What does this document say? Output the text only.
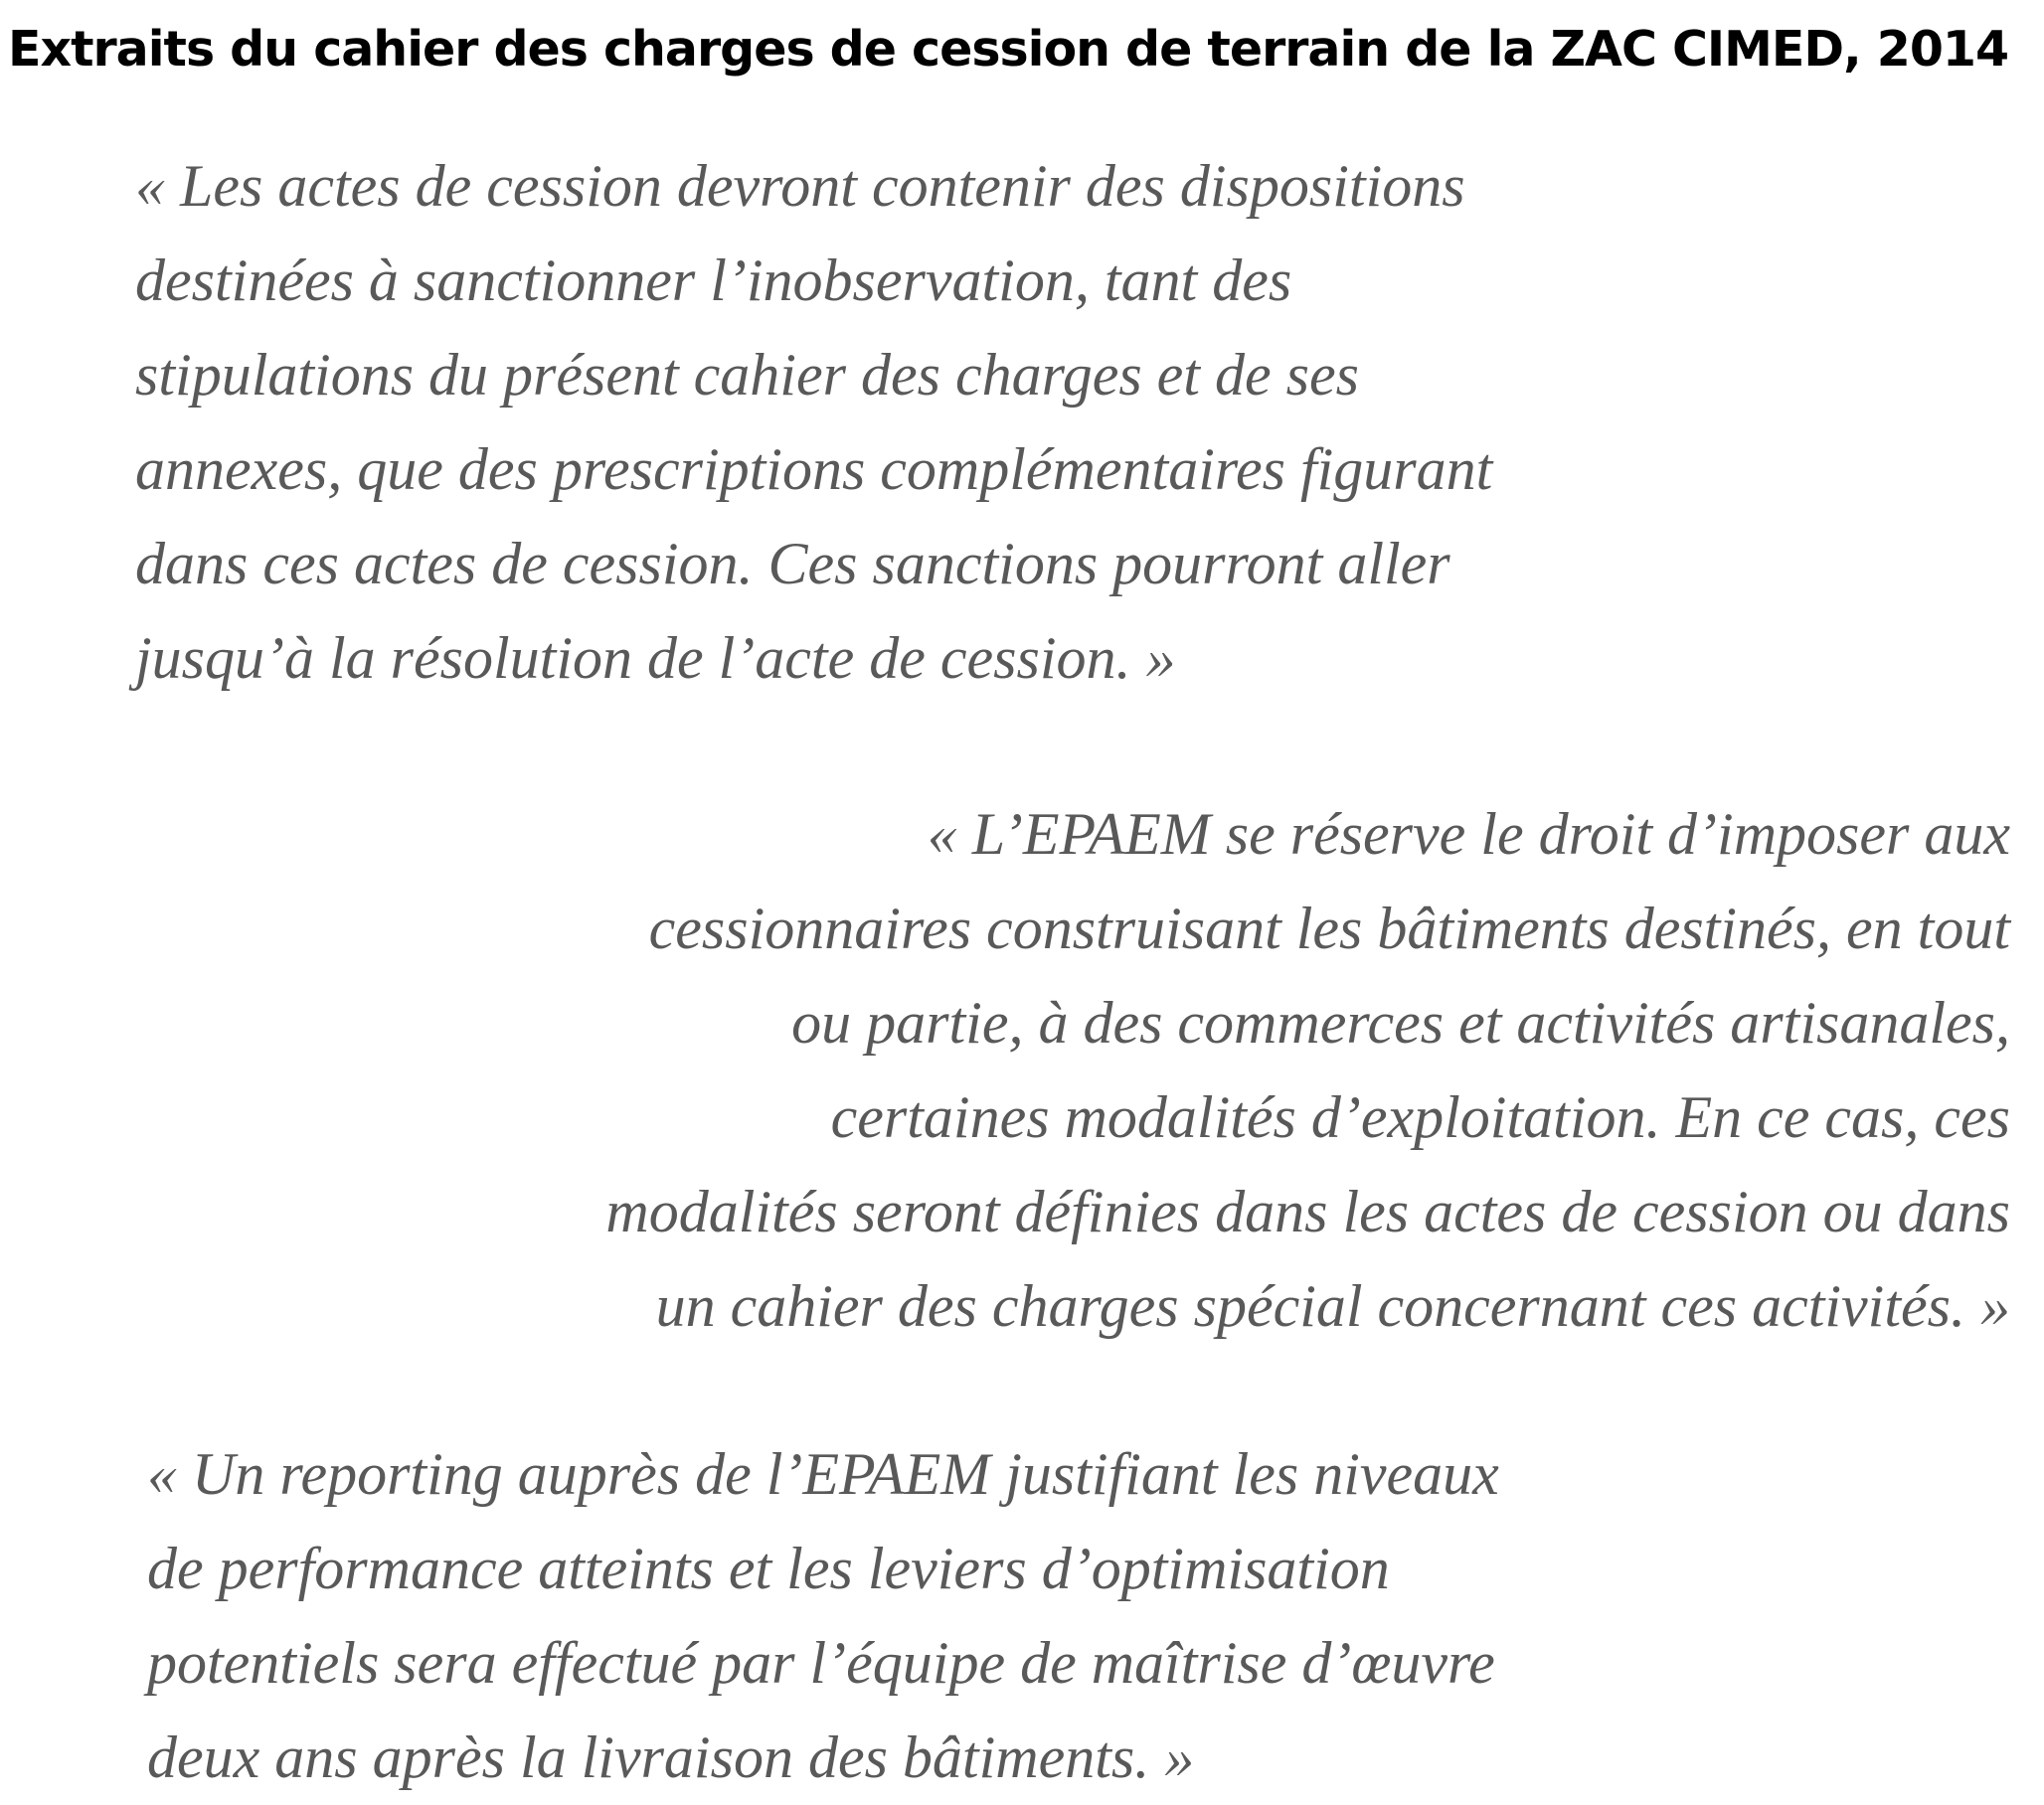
Extraits du cahier des charges de cession de terrain de la ZAC CIMED, 2014
« Les actes de cession devront contenir des dispositions
destinées à sanctionner l’inobservation, tant des
stipulations du présent cahier des charges et de ses
annexes, que des prescriptions complémentaires figurant
dans ces actes de cession. Ces sanctions pourront aller
jusqu’à la résolution de l’acte de cession. »
« L’EPAEM se réserve le droit d’imposer aux
cessionnaires construisant les bâtiments destinés, en tout
ou partie, à des commerces et activités artisanales,
certaines modalités d’exploitation. En ce cas, ces
modalités seront définies dans les actes de cession ou dans
un cahier des charges spécial concernant ces activités. »
« Un reporting auprès de l’EPAEM justifiant les niveaux
de performance atteints et les leviers d’optimisation
potentiels sera effectué par l’équipe de maîtrise d’œuvre
deux ans après la livraison des bâtiments. »
